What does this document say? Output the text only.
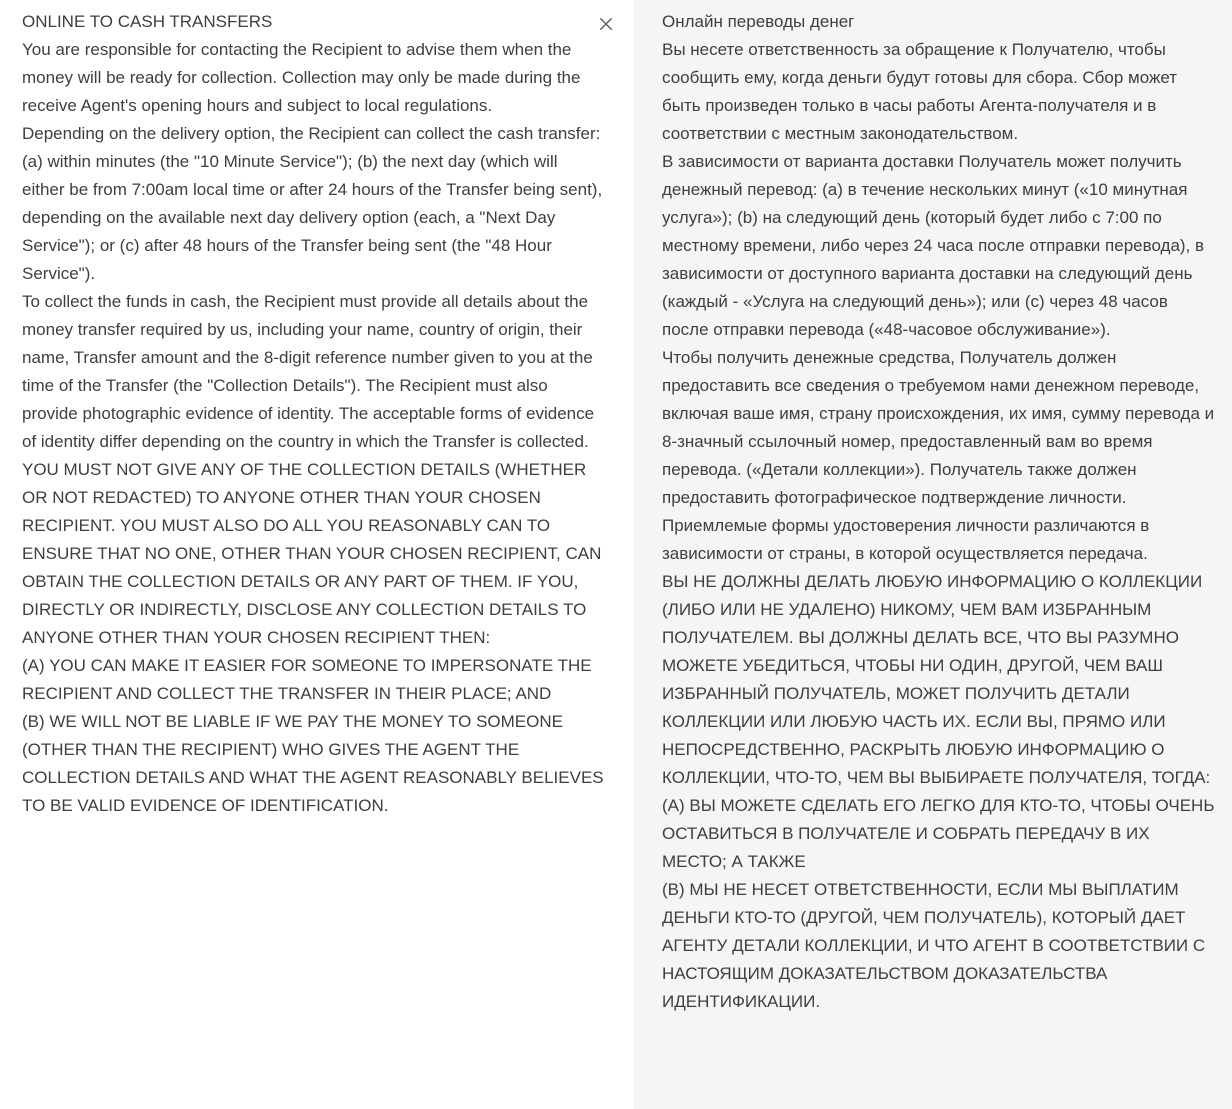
ONLINE TO CASH TRANSFERS

You are responsible for contacting the Recipient to advise them when the money will be ready for collection. Collection may only be made during the receive Agent's opening hours and subject to local regulations.

Depending on the delivery option, the Recipient can collect the cash transfer: (a) within minutes (the "10 Minute Service"); (b) the next day (which will either be from 7:00am local time or after 24 hours of the Transfer being sent), depending on the available next day delivery option (each, a "Next Day Service"); or (c) after 48 hours of the Transfer being sent (the "48 Hour Service").

To collect the funds in cash, the Recipient must provide all details about the money transfer required by us, including your name, country of origin, their name, Transfer amount and the 8-digit reference number given to you at the time of the Transfer (the "Collection Details"). The Recipient must also provide photographic evidence of identity. The acceptable forms of evidence of identity differ depending on the country in which the Transfer is collected.

YOU MUST NOT GIVE ANY OF THE COLLECTION DETAILS (WHETHER OR NOT REDACTED) TO ANYONE OTHER THAN YOUR CHOSEN RECIPIENT. YOU MUST ALSO DO ALL YOU REASONABLY CAN TO ENSURE THAT NO ONE, OTHER THAN YOUR CHOSEN RECIPIENT, CAN OBTAIN THE COLLECTION DETAILS OR ANY PART OF THEM. IF YOU, DIRECTLY OR INDIRECTLY, DISCLOSE ANY COLLECTION DETAILS TO ANYONE OTHER THAN YOUR CHOSEN RECIPIENT THEN:

(A) YOU CAN MAKE IT EASIER FOR SOMEONE TO IMPERSONATE THE RECIPIENT AND COLLECT THE TRANSFER IN THEIR PLACE; AND

(B) WE WILL NOT BE LIABLE IF WE PAY THE MONEY TO SOMEONE (OTHER THAN THE RECIPIENT) WHO GIVES THE AGENT THE COLLECTION DETAILS AND WHAT THE AGENT REASONABLY BELIEVES TO BE VALID EVIDENCE OF IDENTIFICATION.

Онлайн переводы денег

Вы несете ответственность за обращение к Получателю, чтобы сообщить ему, когда деньги будут готовы для сбора. Сбор может быть произведен только в часы работы Агента-получателя и в соответствии с местным законодательством.

В зависимости от варианта доставки Получатель может получить денежный перевод: (a) в течение нескольких минут («10 минутная услуга»); (b) на следующий день (который будет либо с 7:00 по местному времени, либо через 24 часа после отправки перевода), в зависимости от доступного варианта доставки на следующий день (каждый - «Услуга на следующий день»); или (c) через 48 часов после отправки перевода («48-часовое обслуживание»).

Чтобы получить денежные средства, Получатель должен предоставить все сведения о требуемом нами денежном переводе, включая ваше имя, страну происхождения, их имя, сумму перевода и 8-значный ссылочный номер, предоставленный вам во время перевода. («Детали коллекции»). Получатель также должен предоставить фотографическое подтверждение личности. Приемлемые формы удостоверения личности различаются в зависимости от страны, в которой осуществляется передача.

ВЫ НЕ ДОЛЖНЫ ДЕЛАТЬ ЛЮБУЮ ИНФОРМАЦИЮ О КОЛЛЕКЦИИ (ЛИБО ИЛИ НЕ УДАЛЕНО) НИКОМУ, ЧЕМ ВАМ ИЗБРАННЫМ ПОЛУЧАТЕЛЕМ. ВЫ ДОЛЖНЫ ДЕЛАТЬ ВСЕ, ЧТО ВЫ РАЗУМНО МОЖЕТЕ УБЕДИТЬСЯ, ЧТОБЫ НИ ОДИН, ДРУГОЙ, ЧЕМ ВАШ ИЗБРАННЫЙ ПОЛУЧАТЕЛЬ, МОЖЕТ ПОЛУЧИТЬ ДЕТАЛИ КОЛЛЕКЦИИ ИЛИ ЛЮБУЮ ЧАСТЬ ИХ. ЕСЛИ ВЫ, ПРЯМО ИЛИ НЕПОСРЕДСТВЕННО, РАСКРЫТЬ ЛЮБУЮ ИНФОРМАЦИЮ О КОЛЛЕКЦИИ, ЧТО-ТО, ЧЕМ ВЫ ВЫБИРАЕТЕ ПОЛУЧАТЕЛЯ, ТОГДА:

(A) ВЫ МОЖЕТЕ СДЕЛАТЬ ЕГО ЛЕГКО ДЛЯ КТО-ТО, ЧТОБЫ ОЧЕНЬ ОСТАВИТЬСЯ В ПОЛУЧАТЕЛЕ И СОБРАТЬ ПЕРЕДАЧУ В ИХ МЕСТО; А ТАКЖЕ

(B) МЫ НЕ НЕСЕТ ОТВЕТСТВЕННОСТИ, ЕСЛИ МЫ ВЫПЛАТИМ ДЕНЬГИ КТО-ТО (ДРУГОЙ, ЧЕМ ПОЛУЧАТЕЛЬ), КОТОРЫЙ ДАЕТ АГЕНТУ ДЕТАЛИ КОЛЛЕКЦИИ, И ЧТО АГЕНТ В СООТВЕТСТВИИ С НАСТОЯЩИМ ДОКАЗАТЕЛЬСТВОМ ДОКАЗАТЕЛЬСТВА ИДЕНТИФИКАЦИИ.
